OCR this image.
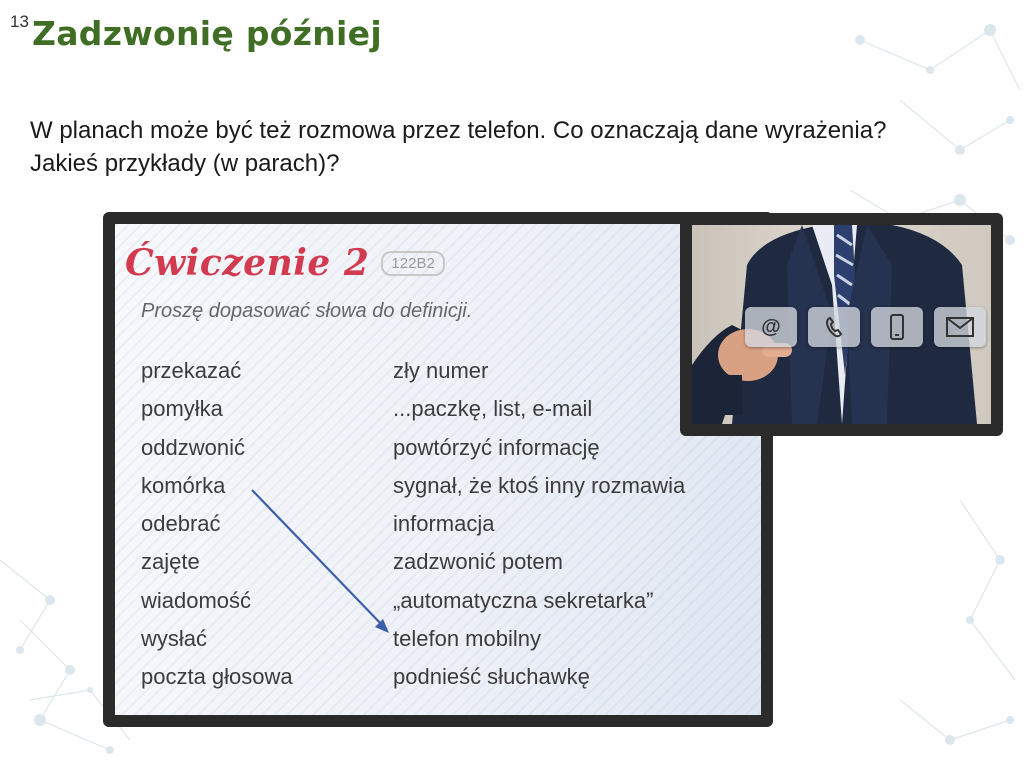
13 Zadzwonię później

W planach może być też rozmowa przez telefon. Co oznaczają dane wyrażenia? Jakieś przykłady (w parach)?

Ćwiczenie 2	122B2
Proszę dopasować słowa do definicji.
przekazać
pomyłka
oddzwonić
komórka
odebrać
zajęte
wiadomość
wysłać
poczta głosowa
zły numer
...paczkę, list, e-mail
powtórzyć informację
sygnał, że ktoś inny rozmawia
informacja
zadzwonić potem
„automatyczna sekretarka”
telefon mobilny
podnieść słuchawkę
@
